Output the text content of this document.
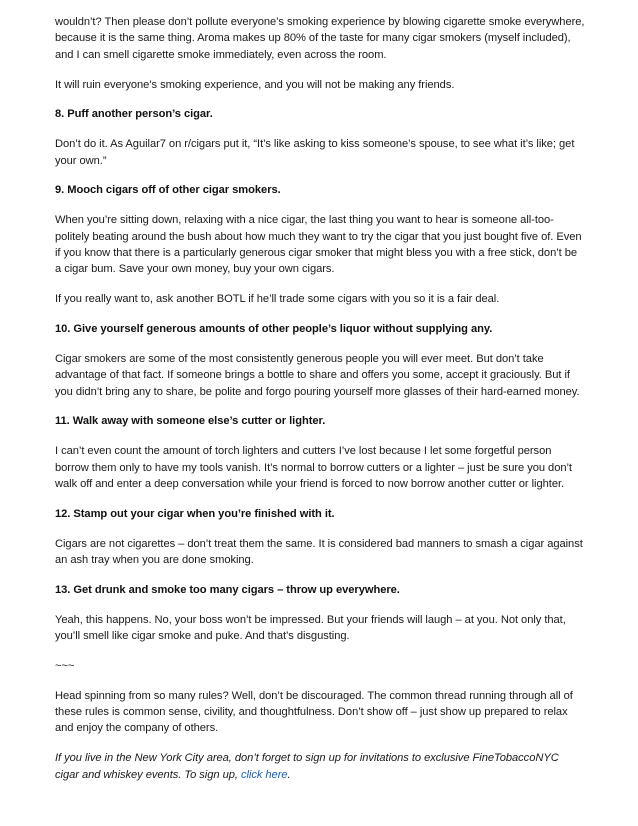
wouldn’t? Then please don’t pollute everyone’s smoking experience by blowing cigarette smoke everywhere, because it is the same thing. Aroma makes up 80% of the taste for many cigar smokers (myself included), and I can smell cigarette smoke immediately, even across the room.

It will ruin everyone’s smoking experience, and you will not be making any friends.

8. Puff another person’s cigar.

Don’t do it. As Aguilar7 on r/cigars put it, “It’s like asking to kiss someone’s spouse, to see what it’s like; get your own.”

9. Mooch cigars off of other cigar smokers.

When you’re sitting down, relaxing with a nice cigar, the last thing you want to hear is someone all-too-politely beating around the bush about how much they want to try the cigar that you just bought five of. Even if you know that there is a particularly generous cigar smoker that might bless you with a free stick, don’t be a cigar bum. Save your own money, buy your own cigars.

If you really want to, ask another BOTL if he’ll trade some cigars with you so it is a fair deal.

10. Give yourself generous amounts of other people’s liquor without supplying any.

Cigar smokers are some of the most consistently generous people you will ever meet. But don’t take advantage of that fact. If someone brings a bottle to share and offers you some, accept it graciously. But if you didn’t bring any to share, be polite and forgo pouring yourself more glasses of their hard-earned money.

11. Walk away with someone else’s cutter or lighter.

I can’t even count the amount of torch lighters and cutters I’ve lost because I let some forgetful person borrow them only to have my tools vanish. It’s normal to borrow cutters or a lighter – just be sure you don’t walk off and enter a deep conversation while your friend is forced to now borrow another cutter or lighter.

12. Stamp out your cigar when you’re finished with it.

Cigars are not cigarettes – don’t treat them the same. It is considered bad manners to smash a cigar against an ash tray when you are done smoking.

13. Get drunk and smoke too many cigars – throw up everywhere.

Yeah, this happens. No, your boss won’t be impressed. But your friends will laugh – at you. Not only that, you’ll smell like cigar smoke and puke. And that’s disgusting.

~~~

Head spinning from so many rules? Well, don’t be discouraged. The common thread running through all of these rules is common sense, civility, and thoughtfulness. Don’t show off – just show up prepared to relax and enjoy the company of others.

If you live in the New York City area, don’t forget to sign up for invitations to exclusive FineTobaccoNYC cigar and whiskey events. To sign up, click here.
